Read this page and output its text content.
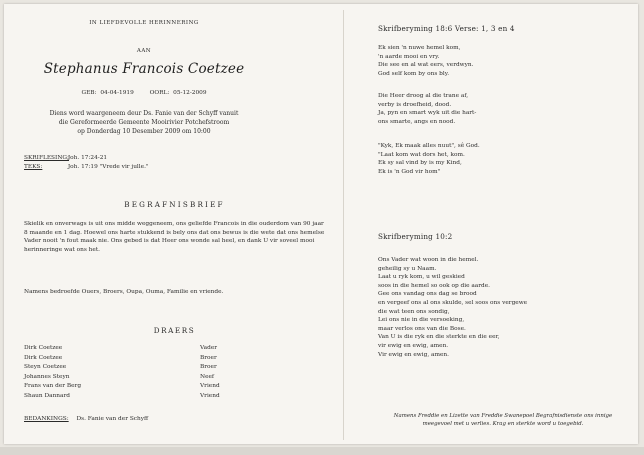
IN LIEFDEVOLLE HERINNERING
AAN
Stephanus Francois Coetzee
GEB: 04-04-1919	OORL: 05-12-2009
Diens word waargeneem deur Ds. Fanie van der Schyff vanuit
die Gereformeerde Gemeente Mooirivier Potchefstroom
op Donderdag 10 Desember 2009 om 10:00
SKRIFLESING: Joh. 17:24-21
TEKS:	Joh. 17:19 "Vrede vir julle."
BEGRAFNISBRIEF
Skielik en onverwags is uit ons midde weggeneem, ons geliefde Francois in die ouderdom van 90 jaar 8 maande en 1 dag. Hoewel ons harte stukkend is bely ons dat ons bewus is die wete dat ons hemelse Vader nooit 'n fout maak nie. Ons gebed is dat Heer ons wonde sal heel, en dank U vir soveel mooi herinneringe wat ons het.
Namens bedroefde Ouers, Broers, Oupa, Ouma, Familie en vriende.
DRAERS
Dirk Coetzee	Vader
Dirk Coetzee	Broer
Steyn Coetzee	Broer
Johannes Steyn	Neef
Frans van der Berg	Vriend
Shaun Dannard	Vriend
BEDANKINGS: Ds. Fanie van der Schyff
Skrifberyming 18:6 Verse: 1, 3 en 4
Ek sien 'n nuwe hemel kom,
'n aarde mooi en vry.
Die see en al wat eers, verdwyn.
God self kom by ons bly.
Die Heer droog al die trane af,
verby is droefheid, dood.
Ja, pyn en smart wyk uit die hart-
ons smarte, angs en nood.
"Kyk, Ek maak alles nuut", sê God.
"Laat kom wat dors het, kom.
Ek sy sal vind by is my Kind,
Ek is 'n God vir hom"
Skrifberyming 10:2
Ons Vader wat woon in die hemel.
geheilig sy u Naam.
Laat u ryk kom, u wil geskied
soos in die hemel so ook op die aarde.
Gee ons vandag ons dag se brood
en vergeef ons al ons skulde, sel soos ons vergewe
die wat teen ons sondig,
Lei ons nie in die versoeking,
maar verlos ons van die Bose.
Van U is die ryk en die sterkte en die eer,
vir ewig en ewig, amen.
Vir ewig en ewig, amen.
Namens Freddie en Lizette van Freddie Swanepoel Begrafnisdienste ons innige
meegevoel met u verlies. Krag en sterkte word u toegebid.
